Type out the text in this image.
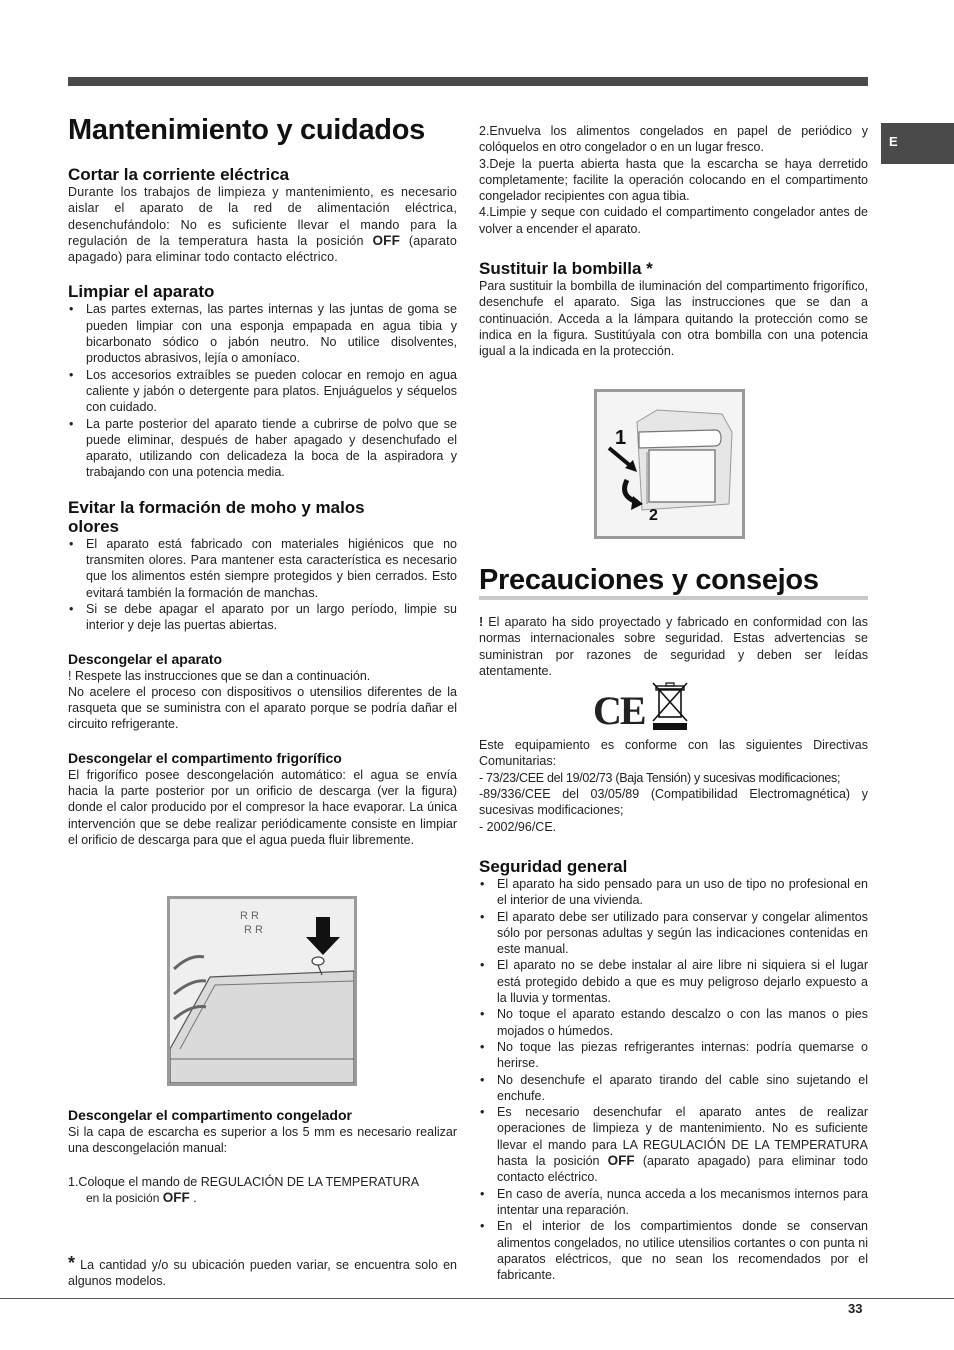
E
Mantenimiento y cuidados
Cortar la corriente eléctrica

Durante los trabajos de limpieza y mantenimiento, es necesario aislar el aparato de la red de alimentación eléctrica, desenchufándolo: No es suficiente llevar el mando para la regulación de la temperatura hasta la posición OFF (aparato apagado) para eliminar todo contacto eléctrico.

Limpiar el aparato
• Las partes externas, las partes internas y las juntas de goma se pueden limpiar con una esponja empapada en agua tibia y bicarbonato sódico o jabón neutro. No utilice disolventes, productos abrasivos, lejía o amoníaco.
• Los accesorios extraíbles se pueden colocar en remojo en agua caliente y jabón o detergente para platos. Enjuáguelos y séquelos con cuidado.
• La parte posterior del aparato tiende a cubrirse de polvo que se puede eliminar, después de haber apagado y desenchufado el aparato, utilizando con delicadeza la boca de la aspiradora y trabajando con una potencia media.
Evitar la formación de moho y malos olores
• El aparato está fabricado con materiales higiénicos que no transmiten olores. Para mantener esta característica es necesario que los alimentos estén siempre protegidos y bien cerrados. Esto evitará también la formación de manchas.
• Si se debe apagar el aparato por un largo período, limpie su interior y deje las puertas abiertas.
Descongelar el aparato

! Respete las instrucciones que se dan a continuación.

No acelere el proceso con dispositivos o utensilios diferentes de la rasqueta que se suministra con el aparato porque se podría dañar el circuito refrigerante.

Descongelar el compartimento frigorífico

El frigorífico posee descongelación automático: el agua se envía hacia la parte posterior por un orificio de descarga (ver la figura) donde el calor producido por el compresor la hace evaporar. La única intervención que se debe realizar periódicamente consiste en limpiar el orificio de descarga para que el agua pueda fluir libremente.

R R
R R
Descongelar el compartimento congelador

Si la capa de escarcha es superior a los 5 mm es necesario realizar una descongelación manual:

1.Coloque el mando de REGULACIÓN DE LA TEMPERATURA

en la posición OFF .

* La cantidad y/o su ubicación pueden variar, se encuentra solo en algunos modelos.

2.Envuelva los alimentos congelados en papel de periódico y colóquelos en otro congelador o en un lugar fresco.

3.Deje la puerta abierta hasta que la escarcha se haya derretido completamente; facilite la operación colocando en el compartimento congelador recipientes con agua tibia.

4.Limpie y seque con cuidado el compartimento congelador antes de volver a encender el aparato.

Sustituir la bombilla *

Para sustituir la bombilla de iluminación del compartimento frigorífico, desenchufe el aparato. Siga las instrucciones que se dan a continuación. Acceda a la lámpara quitando la protección como se indica en la figura. Sustitúyala con otra bombilla con una potencia igual a la indicada en la protección.

1
2
Precauciones y consejos

! El aparato ha sido proyectado y fabricado en conformidad con las normas internacionales sobre seguridad. Estas advertencias se suministran por razones de seguridad y deben ser leídas atentamente.

CE

Este equipamiento es conforme con las siguientes Directivas Comunitarias:

- 73/23/CEE del 19/02/73 (Baja Tensión) y sucesivas modificaciones;

-89/336/CEE del 03/05/89 (Compatibilidad Electromagnética) y sucesivas modificaciones;

- 2002/96/CE.

Seguridad general
• El aparato ha sido pensado para un uso de tipo no profesional en el interior de una vivienda.
• El aparato debe ser utilizado para conservar y congelar alimentos sólo por personas adultas y según las indicaciones contenidas en este manual.
• El aparato no se debe instalar al aire libre ni siquiera si el lugar está protegido debido a que es muy peligroso dejarlo expuesto a la lluvia y tormentas.
• No toque el aparato estando descalzo o con las manos o pies mojados o húmedos.
• No toque las piezas refrigerantes internas: podría quemarse o herirse.
• No desenchufe el aparato tirando del cable sino sujetando el enchufe.
• Es necesario desenchufar el aparato antes de realizar operaciones de limpieza y de mantenimiento. No es suficiente llevar el mando para LA REGULACIÓN DE LA TEMPERATURA hasta la posición OFF (aparato apagado) para eliminar todo contacto eléctrico.
• En caso de avería, nunca acceda a los mecanismos internos para intentar una reparación.
• En el interior de los compartimientos donde se conservan alimentos congelados, no utilice utensilios cortantes o con punta ni aparatos eléctricos, que no sean los recomendados por el fabricante.
33
